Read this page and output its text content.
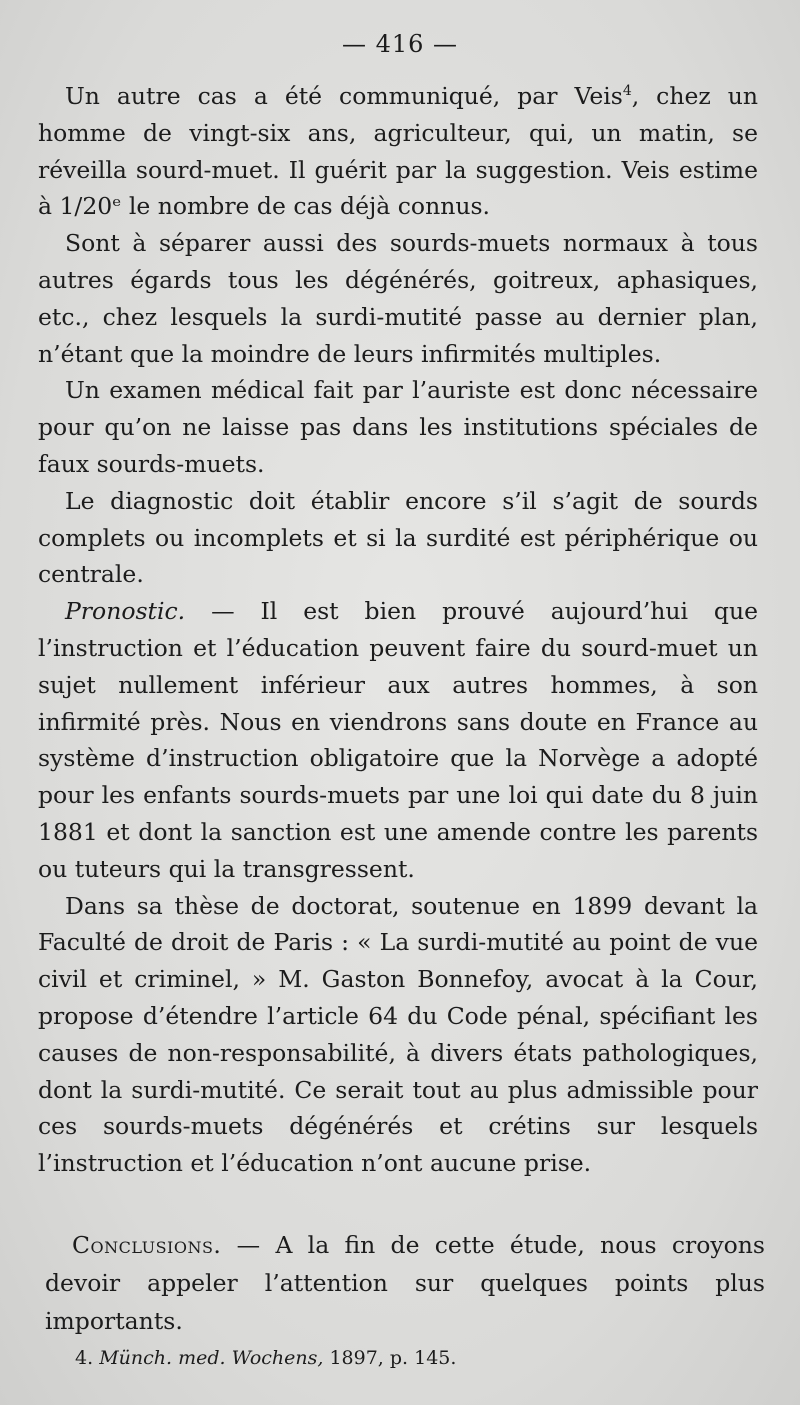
— 416 —

Un autre cas a été communiqué, par Veis$^4$, chez un homme de vingt-six ans, agriculteur, qui, un matin, se réveilla sourd-muet. Il guérit par la suggestion. Veis estime à 1/20ᵉ le nombre de cas déjà connus.

Sont à séparer aussi des sourds-muets normaux à tous autres égards tous les dégénérés, goitreux, aphasiques, etc., chez lesquels la surdi-mutité passe au dernier plan, n’étant que la moindre de leurs infirmités multiples.

Un examen médical fait par l’auriste est donc nécessaire pour qu’on ne laisse pas dans les institutions spéciales de faux sourds-muets.

Le diagnostic doit établir encore s’il s’agit de sourds complets ou incomplets et si la surdité est périphérique ou centrale.

Pronostic. — Il est bien prouvé aujourd’hui que l’instruction et l’éducation peuvent faire du sourd-muet un sujet nullement inférieur aux autres hommes, à son infirmité près. Nous en viendrons sans doute en France au système d’instruction obligatoire que la Norvège a adopté pour les enfants sourds-muets par une loi qui date du 8 juin 1881 et dont la sanction est une amende contre les parents ou tuteurs qui la transgressent.

Dans sa thèse de doctorat, soutenue en 1899 devant la Faculté de droit de Paris : « La surdi-mutité au point de vue civil et criminel, » M. Gaston Bonnefoy, avocat à la Cour, propose d’étendre l’article 64 du Code pénal, spécifiant les causes de non-responsabilité, à divers états pathologiques, dont la surdi-mutité. Ce serait tout au plus admissible pour ces sourds-muets dégénérés et crétins sur lesquels l’instruction et l’éducation n’ont aucune prise.

Conclusions. — A la fin de cette étude, nous croyons devoir appeler l’attention sur quelques points plus importants.

4. Münch. med. Wochens, 1897, p. 145.
